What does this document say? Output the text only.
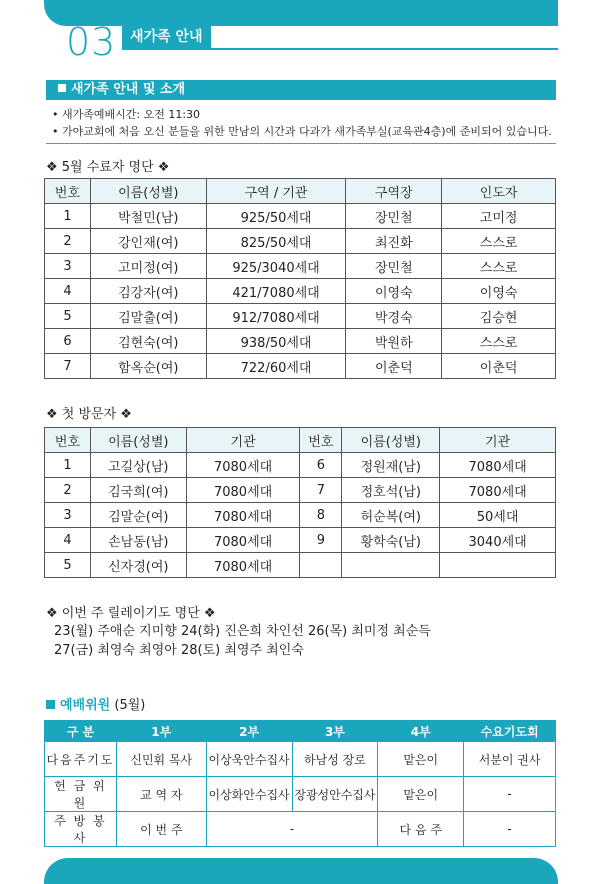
03 새가족 안내
새가족 안내 및 소개
• 새가족예배시간: 오전 11:30
• 가야교회에 처음 오신 분들을 위한 만남의 시간과 다과가 새가족부실(교육관4층)에 준비되어 있습니다.
❖ 5월 수료자 명단 ❖
번호	이름(성별)	구역 / 기관	구역장	인도자
1	박철민(남)	925/50세대	장민철	고미정
2	강인재(여)	825/50세대	최진화	스스로
3	고미정(여)	925/3040세대	장민철	스스로
4	김강자(여)	421/7080세대	이영숙	이영숙
5	김말출(여)	912/7080세대	박경숙	김승현
6	김현숙(여)	938/50세대	박원하	스스로
7	함옥순(여)	722/60세대	이춘덕	이춘덕
❖ 첫 방문자 ❖
번호	이름(성별)	기관	번호	이름(성별)	기관
1	고길상(남)	7080세대	6	정원재(남)	7080세대
2	김국희(여)	7080세대	7	정호석(남)	7080세대
3	김말순(여)	7080세대	8	허순복(여)	50세대
4	손남동(남)	7080세대	9	황학숙(남)	3040세대
5	신자경(여)	7080세대			
❖ 이번 주 릴레이기도 명단 ❖
23(월) 주애순 지미향 24(화) 진은희 차인선 26(목) 최미정 최순득
27(금) 최영숙 최영아 28(토) 최영주 최인숙
예배위원 (5월)
구 분	1부	2부	3부	4부	수요기도회
다음주기도	신민휘 목사	이상욱안수집사	하남성 장로	맡은이	서분이 권사
헌 금 위 원	교 역 자	이상화안수집사	장광성안수집사	맡은이	-
주 방 봉 사	이 번 주	-		다 음 주	-
